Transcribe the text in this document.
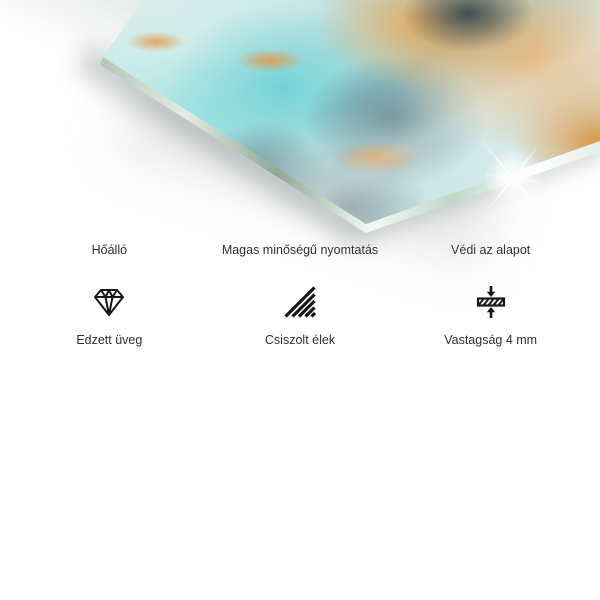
Hőálló	Magas minőségű nyomtatás	Védi az alapot
Edzett üveg	Csiszolt élek	Vastagság 4 mm
